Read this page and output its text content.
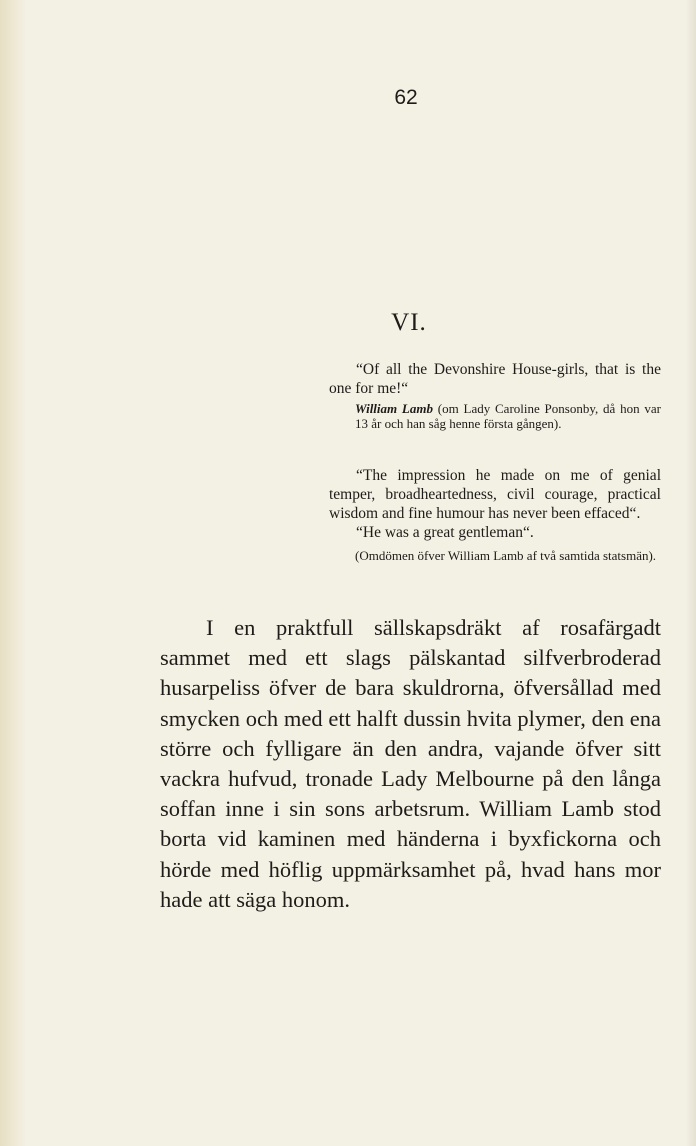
62
VI.

“Of all the Devonshire House-girls, that is the one for me!“

William Lamb (om Lady Caroline Ponsonby, då hon var 13 år och han såg henne första gången).

“The impression he made on me of genial temper, broadheartedness, civil courage, practical wisdom and fine humour has never been effaced“.

“He was a great gentleman“.

(Omdömen öfver William Lamb af två samtida statsmän).

I en praktfull sällskapsdräkt af rosafärgadt sammet med ett slags pälskantad silfverbroderad husarpeliss öfver de bara skuldrorna, öfversållad med smycken och med ett halft dussin hvita plymer, den ena större och fylligare än den andra, vajande öfver sitt vackra hufvud, tronade Lady Melbourne på den långa soffan inne i sin sons arbetsrum. William Lamb stod borta vid kaminen med händerna i byxfickorna och hörde med höflig uppmärksamhet på, hvad hans mor hade att säga honom.
